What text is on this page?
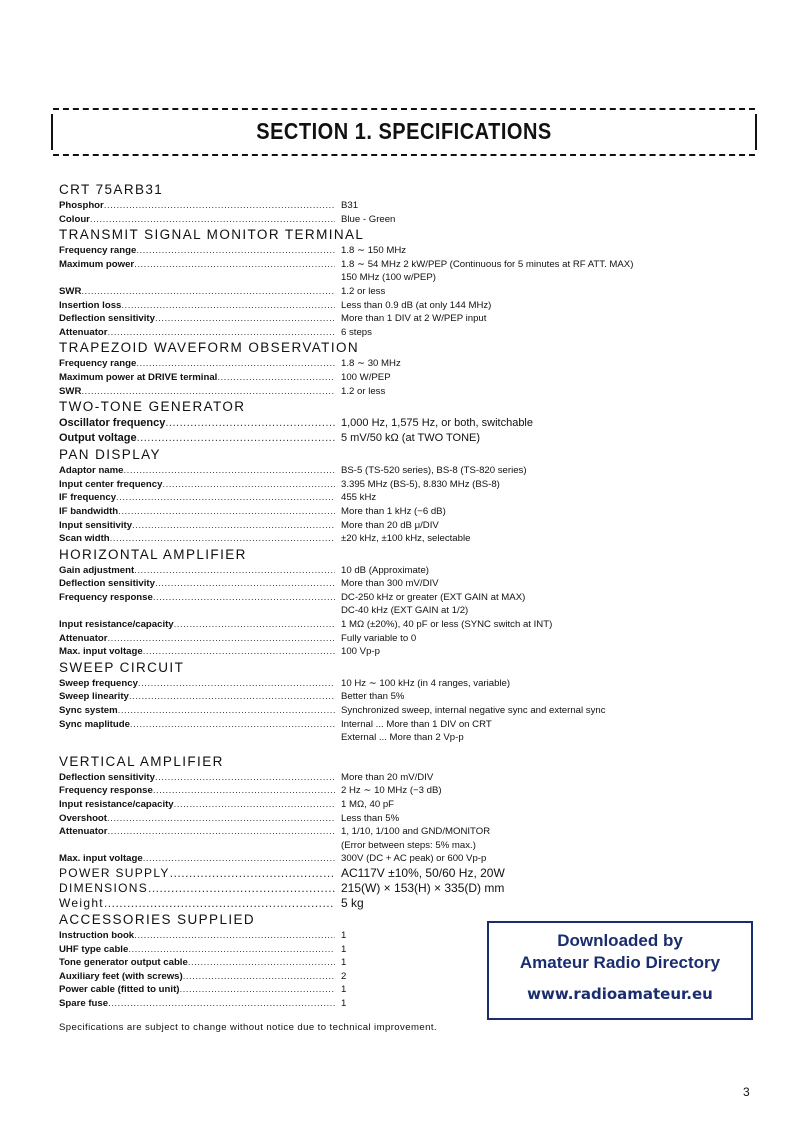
SECTION 1. SPECIFICATIONS
CRT 75ARB31
Phosphor .....	B31
Colour .....	Blue - Green
TRANSMIT SIGNAL MONITOR TERMINAL
Frequency range .....	1.8 ∼ 150 MHz
Maximum power .....	1.8 ∼ 54 MHz 2 kW/PEP (Continuous for 5 minutes at RF ATT. MAX)
150 MHz (100 w/PEP)
SWR .....	1.2 or less
Insertion loss .....	Less than 0.9 dB (at only 144 MHz)
Deflection sensitivity .....	More than 1 DIV at 2 W/PEP input
Attenuator .....	6 steps
TRAPEZOID WAVEFORM OBSERVATION
Frequency range .....	1.8 ∼ 30 MHz
Maximum power at DRIVE terminal .....	100 W/PEP
SWR .....	1.2 or less
TWO-TONE GENERATOR
Oscillator frequency .....	1,000 Hz, 1,575 Hz, or both, switchable
Output voltage .....	5 mV/50 kΩ (at TWO TONE)
PAN DISPLAY
Adaptor name .....	BS-5 (TS-520 series), BS-8 (TS-820 series)
Input center frequency .....	3.395 MHz (BS-5), 8.830 MHz (BS-8)
IF frequency .....	455 kHz
IF bandwidth .....	More than 1 kHz (−6 dB)
Input sensitivity .....	More than 20 dB μ/DIV
Scan width .....	±20 kHz, ±100 kHz, selectable
HORIZONTAL AMPLIFIER
Gain adjustment .....	10 dB (Approximate)
Deflection sensitivity .....	More than 300 mV/DIV
Frequency response .....	DC-250 kHz or greater (EXT GAIN at MAX)
DC-40 kHz (EXT GAIN at 1/2)
Input resistance/capacity .....	1 MΩ (±20%), 40 pF or less (SYNC switch at INT)
Attenuator .....	Fully variable to 0
Max. input voltage .....	100 Vp-p
SWEEP CIRCUIT
Sweep frequency .....	10 Hz ∼ 100 kHz (in 4 ranges, variable)
Sweep linearity .....	Better than 5%
Sync system .....	Synchronized sweep, internal negative sync and external sync
Sync maplitude .....	Internal ... More than 1 DIV on CRT
External ... More than 2 Vp-p
VERTICAL AMPLIFIER
Deflection sensitivity .....	More than 20 mV/DIV
Frequency response .....	2 Hz ∼ 10 MHz (−3 dB)
Input resistance/capacity .....	1 MΩ, 40 pF
Overshoot .....	Less than 5%
Attenuator .....	1, 1/10, 1/100 and GND/MONITOR
(Error between steps: 5% max.)
Max. input voltage .....	300V (DC + AC peak) or 600 Vp-p
POWER SUPPLY .....	AC117V ±10%, 50/60 Hz, 20W
DIMENSIONS .....	215(W) × 153(H) × 335(D) mm
Weight .....	5 kg
ACCESSORIES SUPPLIED
Instruction book .....	1
UHF type cable .....	1
Tone generator output cable .....	1
Auxiliary feet (with screws) .....	2
Power cable (fitted to unit) .....	1
Spare fuse .....	1
Specifications are subject to change without notice due to technical improvement.
Downloaded by
Amateur Radio Directory
www.radioamateur.eu
3
